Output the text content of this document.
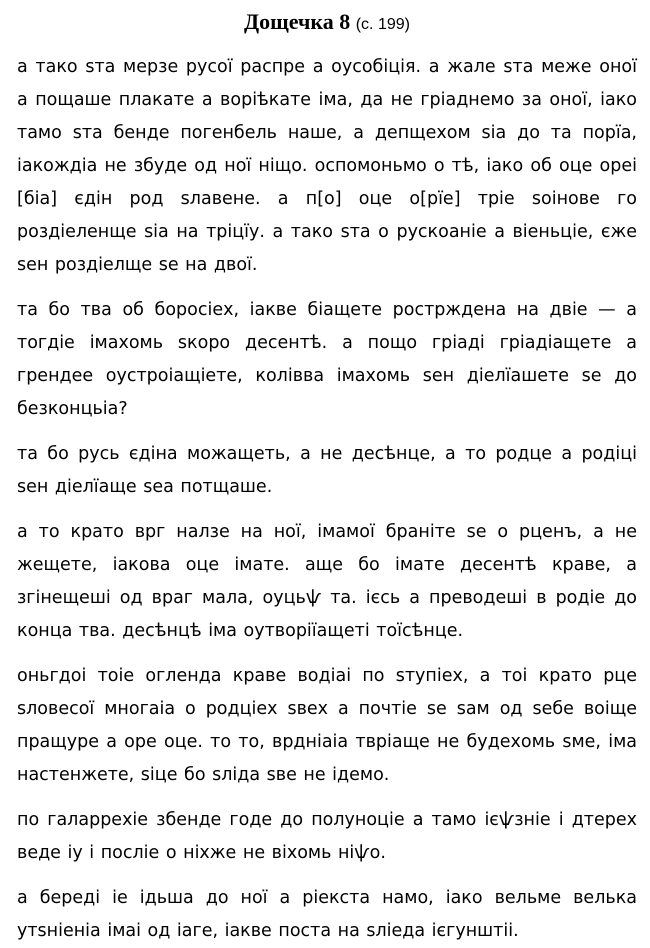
Дощечка 8 (с. 199)

а тако ѕта мерзе русої распре а оусобіція. а жале ѕта меже оної а пощаше плакате а воріѣкате іма, да не гріаднемо за оної, іако тамо ѕта бенде погенбель наше, а депщехом ѕіа до та порїа, іакождіа не збуде од ної ніщо. оспомоньмо о тѣ, іако об оце ореі [біа] єдін род ѕлавене. а п[о] оце о[рїе] тріе ѕоінове го роздіеленще ѕіа на тріцїу. а тако ѕта о рускоаніе а віеньціе, єже ѕен роздіелще ѕе на двої.

та бо тва об боросіех, іакве біащете ростржденa на двіе — а тогдіе імахомь ѕкоро десентѣ. а пощо гріаді гріадіащете а грендее оустроіащіете, колівва імахомь ѕен діелїашете ѕе до безконцьіа?

та бо русь єдіна можащеть, а не десѣнце, а то родце а родіці ѕен діелїаще ѕеа потщаше.

а то крато вpг налзе на ної, імамої бранiте ѕе о рценъ, а не жещете, іакова оце імате. аще бо імате десентѣ краве, а згінещеші од враг мала, оуцьѱ та. ієсь а преводеші в родіе до конца тва. десѣнцѣ іма оутворіїащеті тоїсѣнце.

оньгдоі тоіе огленда краве водіаі по ѕтупіех, а тоі крато рце ѕловесої многаіа о родціех ѕвех а почтіе ѕе ѕам од ѕебе воіще пращуре а оре оце. то то, врдніаіа твріаще не будехомь ѕме, іма настенжете, ѕіце бо ѕліда ѕве не ідемо.

по галарреxіе збенде годе до полуноціе а тамо ієѱзніе і дтерех веде іу і посліе о ніхже не віхомь ніѱо.

а береді іе ідьша до ної а ріекста намо, іако вельме велька утѕніеніа імаі од іаге, іакве поста на ѕліеда ієгунштіі.
